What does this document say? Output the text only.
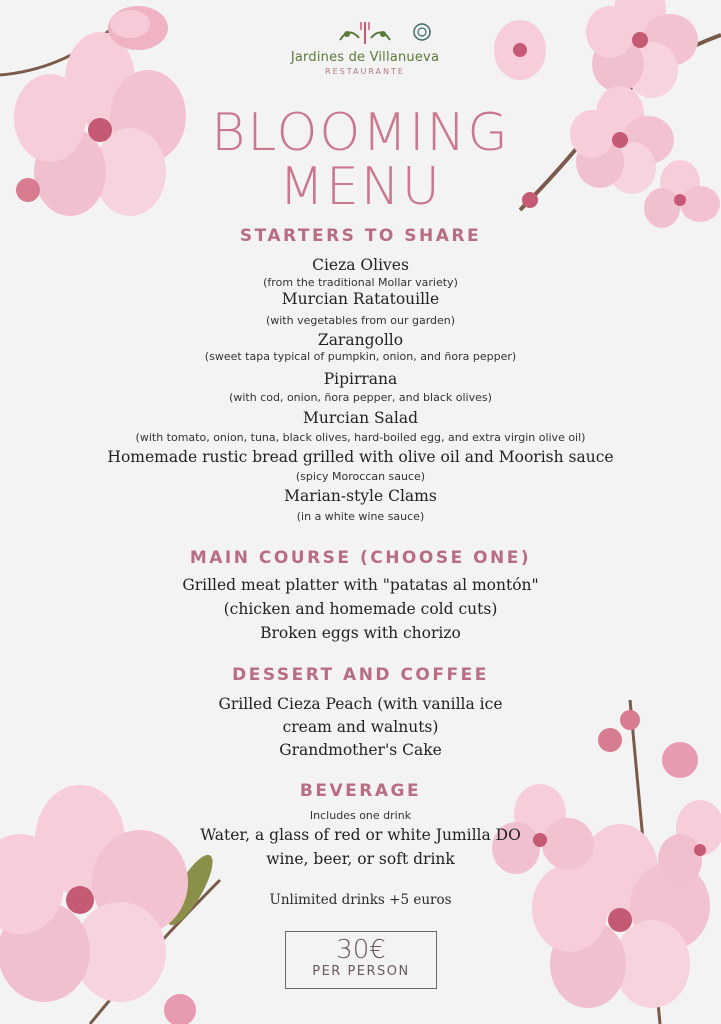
Jardines de Villanueva
RESTAURANTE
BLOOMING
MENU
STARTERS TO SHARE
Cieza Olives
(from the traditional Mollar variety)
Murcian Ratatouille
(with vegetables from our garden)
Zarangollo
(sweet tapa typical of pumpkin, onion, and ñora pepper)
Pipirrana
(with cod, onion, ñora pepper, and black olives)
Murcian Salad
(with tomato, onion, tuna, black olives, hard-boiled egg, and extra virgin olive oil)
Homemade rustic bread grilled with olive oil and Moorish sauce
(spicy Moroccan sauce)
Marian-style Clams
(in a white wine sauce)
MAIN COURSE (CHOOSE ONE)
Grilled meat platter with "patatas al montón"
(chicken and homemade cold cuts)
Broken eggs with chorizo
DESSERT AND COFFEE
Grilled Cieza Peach (with vanilla ice
cream and walnuts)
Grandmother's Cake
BEVERAGE
Includes one drink
Water, a glass of red or white Jumilla DO
wine, beer, or soft drink
Unlimited drinks +5 euros
30€
PER PERSON
